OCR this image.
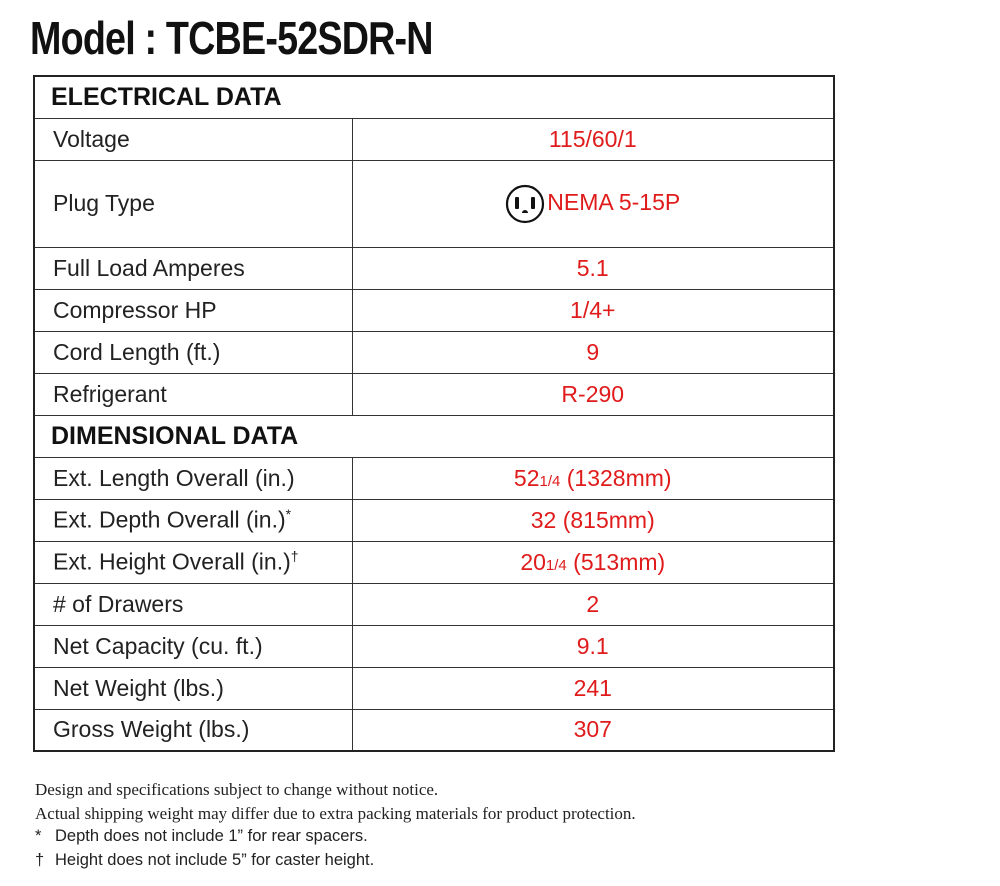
Model : TCBE-52SDR-N
ELECTRICAL DATA	
Voltage	115/60/1
Plug Type	NEMA 5-15P
Full Load Amperes	5.1
Compressor HP	1/4+
Cord Length (ft.)	9
Refrigerant	R-290
DIMENSIONAL DATA	
Ext. Length Overall (in.)	521/4 (1328mm)
Ext. Depth Overall (in.)*	32 (815mm)
Ext. Height Overall (in.)†	201/4 (513mm)
# of Drawers	2
Net Capacity (cu. ft.)	9.1
Net Weight (lbs.)	241
Gross Weight (lbs.)	307
Design and specifications subject to change without notice.
Actual shipping weight may differ due to extra packing materials for product protection.
* Depth does not include 1” for rear spacers.
† Height does not include 5” for caster height.
